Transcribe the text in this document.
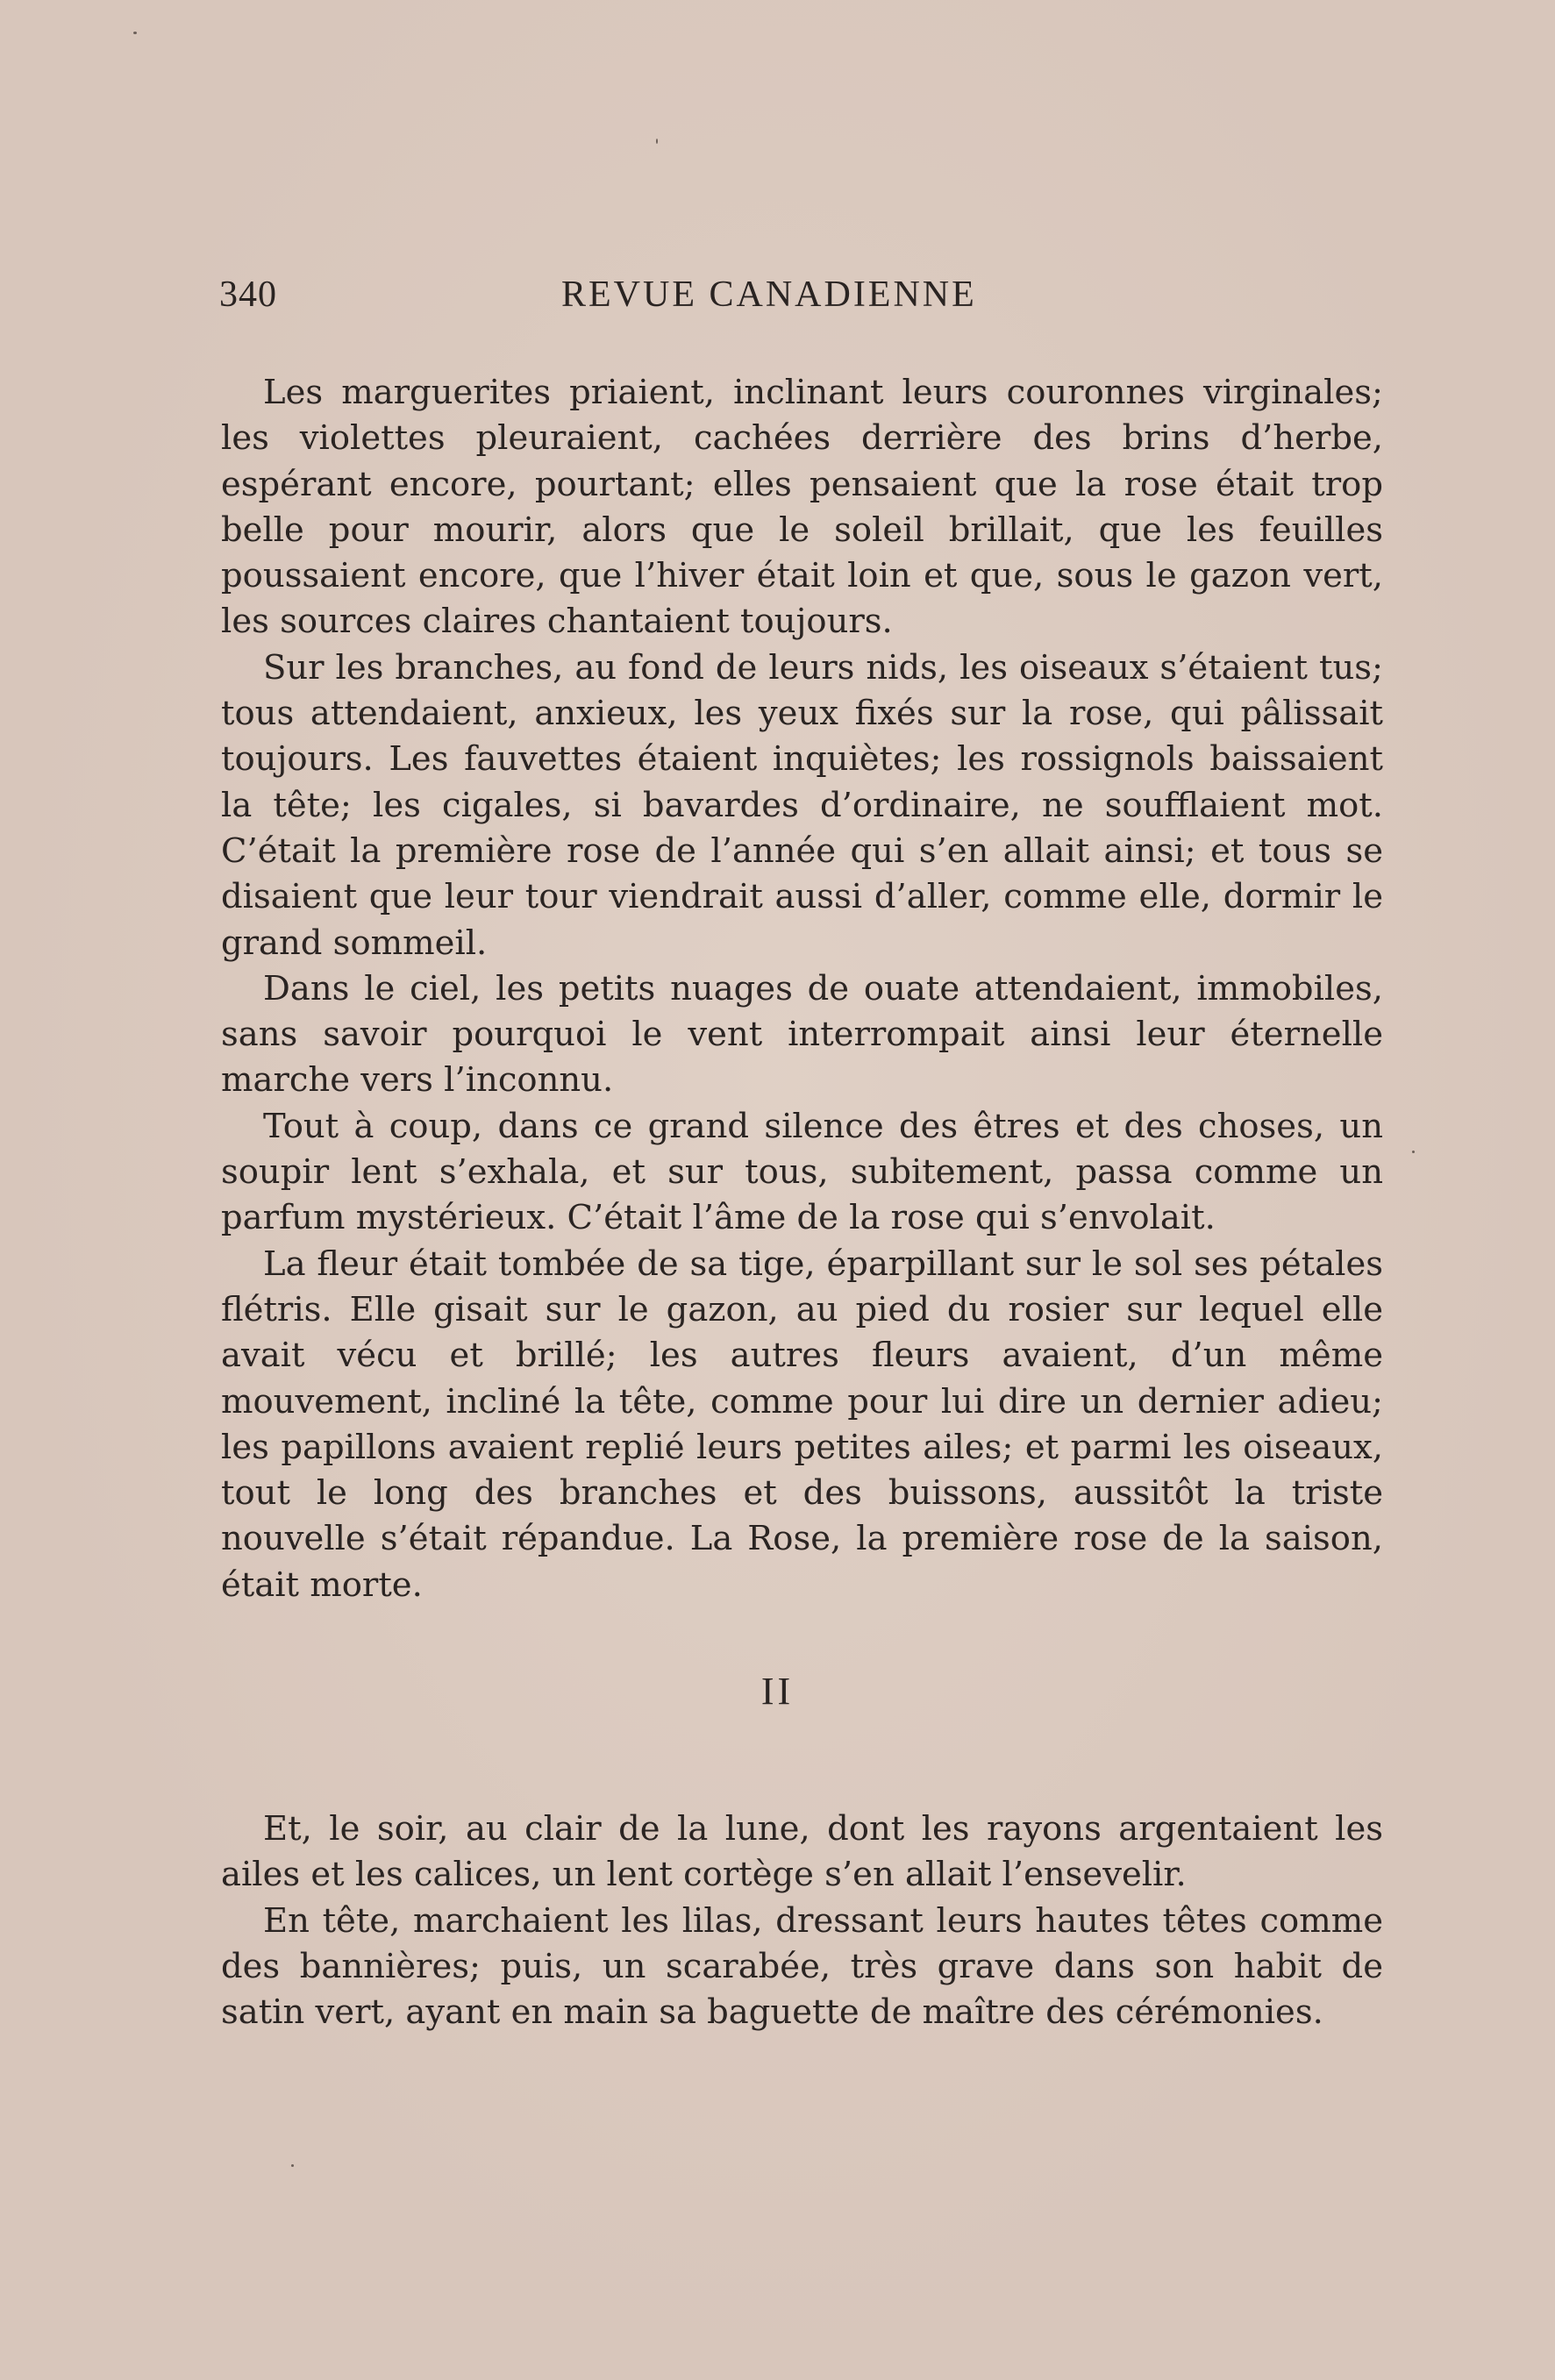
340	REVUE CANADIENNE

Les marguerites priaient, inclinant leurs couronnes virginales; les violettes pleuraient, cachées derrière des brins d’herbe, espérant encore, pourtant; elles pensaient que la rose était trop belle pour mourir, alors que le soleil brillait, que les feuilles poussaient encore, que l’hiver était loin et que, sous le gazon vert, les sources claires chantaient toujours.

Sur les branches, au fond de leurs nids, les oiseaux s’étaient tus; tous attendaient, anxieux, les yeux fixés sur la rose, qui pâlissait toujours. Les fauvettes étaient inquiètes; les rossignols baissaient la tête; les cigales, si bavardes d’ordinaire, ne soufflaient mot. C’était la première rose de l’année qui s’en allait ainsi; et tous se disaient que leur tour viendrait aussi d’aller, comme elle, dormir le grand sommeil.

Dans le ciel, les petits nuages de ouate attendaient, immobiles, sans savoir pourquoi le vent interrompait ainsi leur éternelle marche vers l’inconnu.

Tout à coup, dans ce grand silence des êtres et des choses, un soupir lent s’exhala, et sur tous, subitement, passa comme un parfum mystérieux. C’était l’âme de la rose qui s’envolait.

La fleur était tombée de sa tige, éparpillant sur le sol ses pétales flétris. Elle gisait sur le gazon, au pied du rosier sur lequel elle avait vécu et brillé; les autres fleurs avaient, d’un même mouvement, incliné la tête, comme pour lui dire un dernier adieu; les papillons avaient replié leurs petites ailes; et parmi les oiseaux, tout le long des branches et des buissons, aussitôt la triste nouvelle s’était répandue. La Rose, la première rose de la saison, était morte.

II

Et, le soir, au clair de la lune, dont les rayons argentaient les ailes et les calices, un lent cortège s’en allait l’ensevelir.

En tête, marchaient les lilas, dressant leurs hautes têtes comme des bannières; puis, un scarabée, très grave dans son habit de satin vert, ayant en main sa baguette de maître des cérémonies.
